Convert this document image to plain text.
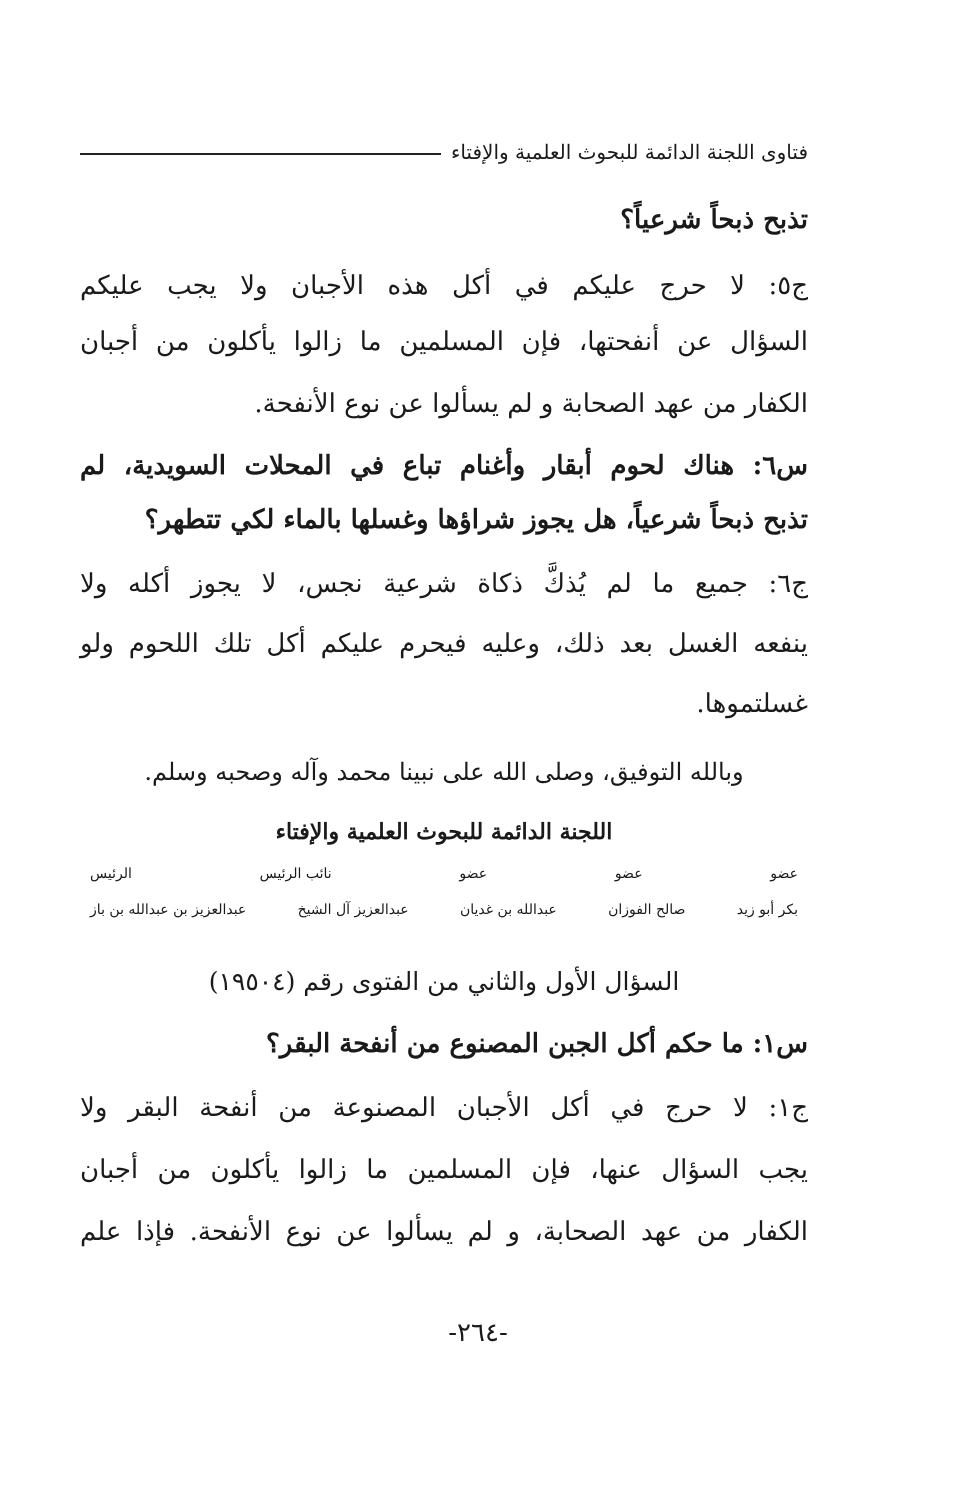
فتاوى اللجنة الدائمة للبحوث العلمية والإفتاء
تذبح ذبحاً شرعياً؟
ج٥: لا حرج عليكم في أكل هذه الأجبان ولا يجب عليكم
السؤال عن أنفحتها، فإن المسلمين ما زالوا يأكلون من أجبان
الكفار من عهد الصحابة و لم يسألوا عن نوع الأنفحة.
س٦: هناك لحوم أبقار وأغنام تباع في المحلات السويدية، لم
تذبح ذبحاً شرعياً، هل يجوز شراؤها وغسلها بالماء لكي تتطهر؟
ج٦: جميع ما لم يُذكَّ ذكاة شرعية نجس، لا يجوز أكله ولا
ينفعه الغسل بعد ذلك، وعليه فيحرم عليكم أكل تلك اللحوم ولو
غسلتموها.
وبالله التوفيق، وصلى الله على نبينا محمد وآله وصحبه وسلم.
اللجنة الدائمة للبحوث العلمية والإفتاء
عضو
عضو
عضو
نائب الرئيس
الرئيس
بكر أبو زيد
صالح الفوزان
عبدالله بن غديان
عبدالعزيز آل الشيخ
عبدالعزيز بن عبدالله بن باز
السؤال الأول والثاني من الفتوى رقم (١٩٥٠٤)
س١: ما حكم أكل الجبن المصنوع من أنفحة البقر؟
ج١: لا حرج في أكل الأجبان المصنوعة من أنفحة البقر ولا
يجب السؤال عنها، فإن المسلمين ما زالوا يأكلون من أجبان
الكفار من عهد الصحابة، و لم يسألوا عن نوع الأنفحة. فإذا علم
-٢٦٤-
